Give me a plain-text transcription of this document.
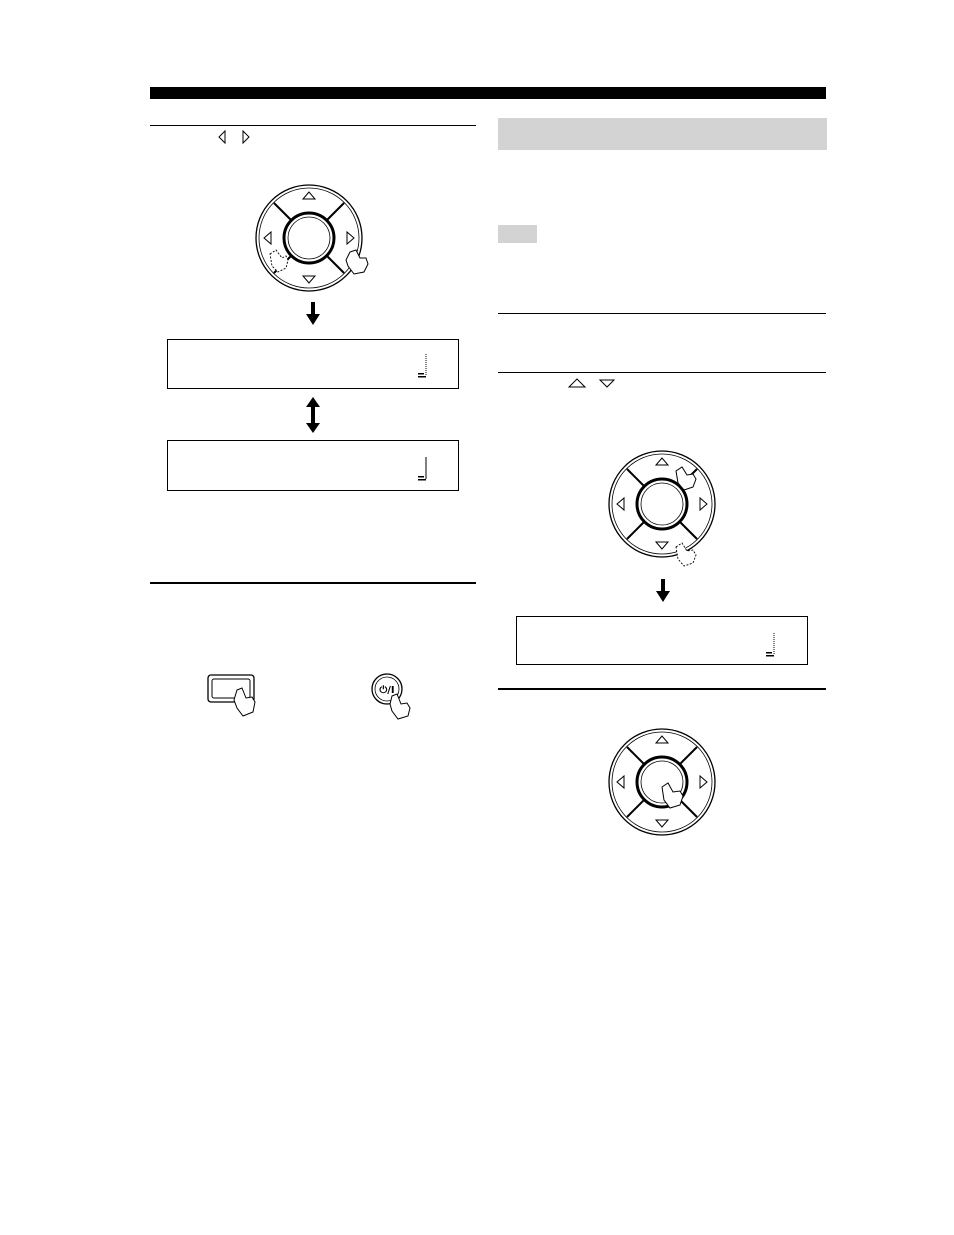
⏻/I
